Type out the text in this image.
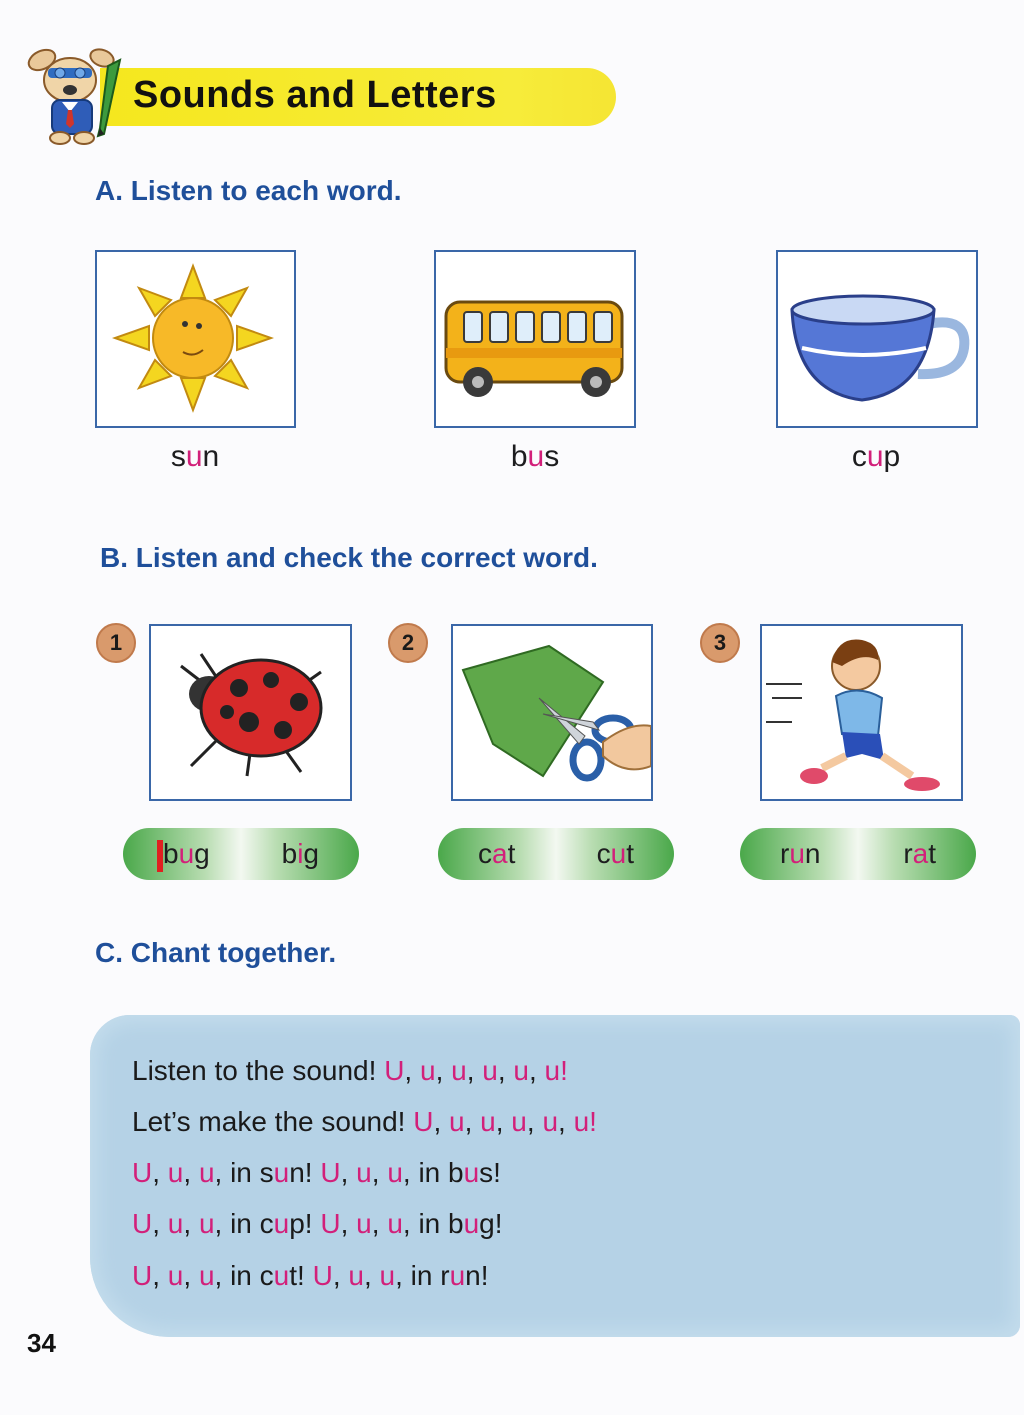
Sounds and Letters
A. Listen to each word.
sun	bus	cup
B. Listen and check the correct word.
1
bug	big
2
cat	cut
3
run	rat
C. Chant together.
Listen to the sound! U, u, u, u, u, u!
Let’s make the sound! U, u, u, u, u, u!
U, u, u, in sun! U, u, u, in bus!
U, u, u, in cup! U, u, u, in bug!
U, u, u, in cut! U, u, u, in run!
34
